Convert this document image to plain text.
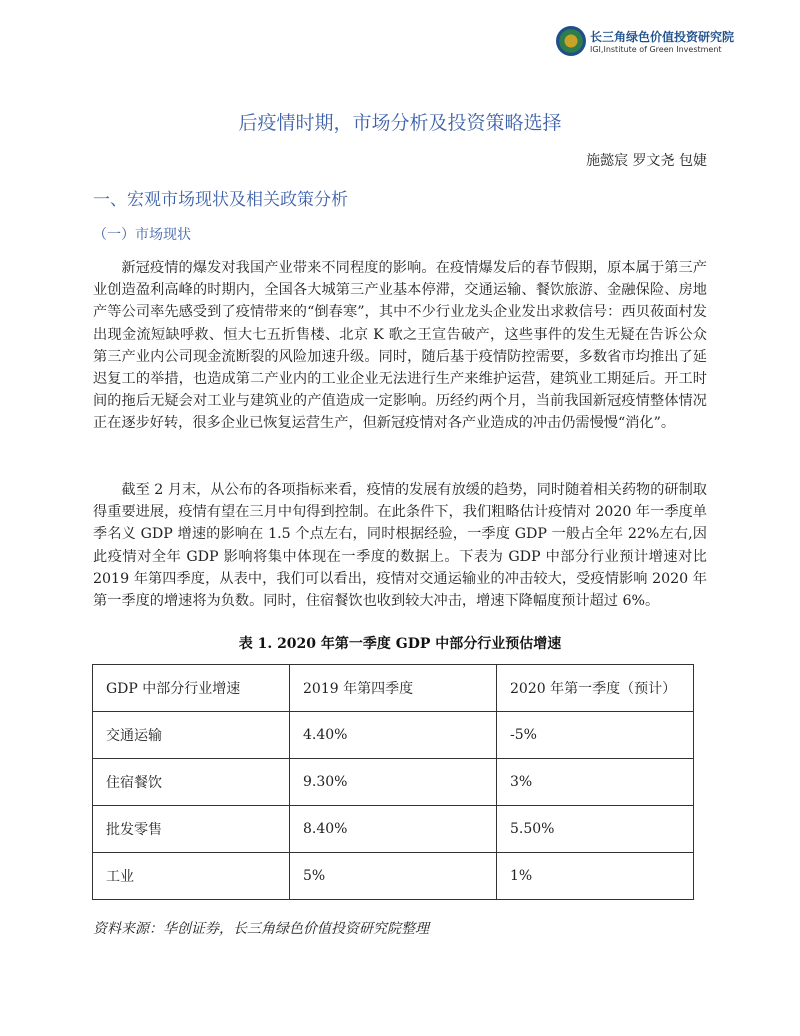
长三角绿色价值投资研究院
IGI,Institute of Green Investment
后疫情时期，市场分析及投资策略选择
施懿宸 罗文尧 包婕
一、宏观市场现状及相关政策分析
（一）市场现状

新冠疫情的爆发对我国产业带来不同程度的影响。在疫情爆发后的春节假期，原本属于第三产业创造盈利高峰的时期内，全国各大城第三产业基本停滞，交通运输、餐饮旅游、金融保险、房地产等公司率先感受到了疫情带来的“倒春寒”，其中不少行业龙头企业发出求救信号：西贝莜面村发出现金流短缺呼救、恒大七五折售楼、北京 K 歌之王宣告破产，这些事件的发生无疑在告诉公众第三产业内公司现金流断裂的风险加速升级。同时，随后基于疫情防控需要，多数省市均推出了延迟复工的举措，也造成第二产业内的工业企业无法进行生产来维护运营，建筑业工期延后。开工时间的拖后无疑会对工业与建筑业的产值造成一定影响。历经约两个月，当前我国新冠疫情整体情况正在逐步好转，很多企业已恢复运营生产，但新冠疫情对各产业造成的冲击仍需慢慢“消化”。

截至 2 月末，从公布的各项指标来看，疫情的发展有放缓的趋势，同时随着相关药物的研制取得重要进展，疫情有望在三月中旬得到控制。在此条件下，我们粗略估计疫情对 2020 年一季度单季名义 GDP 增速的影响在 1.5 个点左右，同时根据经验，一季度 GDP 一般占全年 22%左右,因此疫情对全年 GDP 影响将集中体现在一季度的数据上。下表为 GDP 中部分行业预计增速对比 2019 年第四季度，从表中，我们可以看出，疫情对交通运输业的冲击较大，受疫情影响 2020 年第一季度的增速将为负数。同时，住宿餐饮也收到较大冲击，增速下降幅度预计超过 6%。

表 1. 2020 年第一季度 GDP 中部分行业预估增速
GDP 中部分行业增速	2019 年第四季度	2020 年第一季度（预计）
交通运输	4.40%	-5%
住宿餐饮	9.30%	3%
批发零售	8.40%	5.50%
工业	5%	1%
资料来源：华创证券，长三角绿色价值投资研究院整理
